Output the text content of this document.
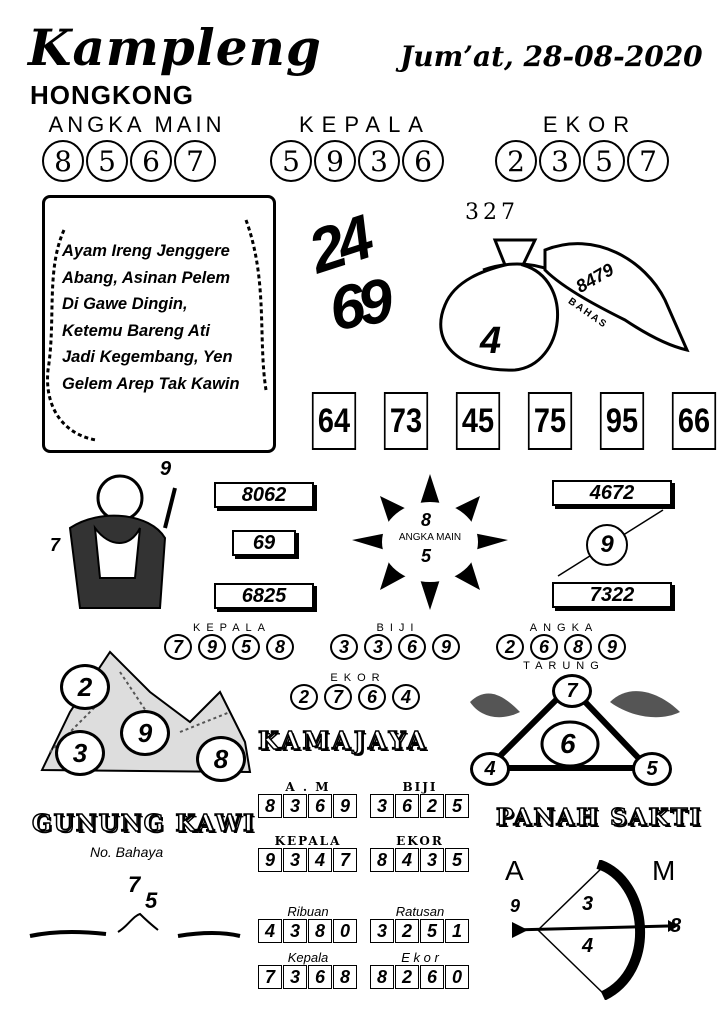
Kampleng
HONGKONG
Jum’at, 28-08-2020
ANGKA MAIN
8 5 6 7
KEPALA
5 9 3 6
EKOR
2 3 5 7
Ayam Ireng Jenggere
Abang, Asinan Pelem
Di Gawe Dingin,
Ketemu Bareng Ati
Jadi Kegembang, Yen
Gelem Arep Tak Kawin
24
69
327
4
8479
BAHAS
64 73 45 75 95 66
9
7
8062
69
6825
8
ANGKA MAIN
5
4672
9
7322
KEPALA
7	9	5	8
BIJI
3	3	6	9
ANGKA
2	6	8	9
TARUNG
EKOR
2	7	6	4
2
9
3	8
KAMAJAYA
7
6
4	5
GUNUNG KAWI
No. Bahaya
7
5
A . M
8 3 6 9
BIJI
3 6 2 5
KEPALA
9 3 4 7
EKOR
8 4 3 5
Ribuan
4 3 8 0
Ratusan
3 2 5 1
Kepala
7 3 6 8
E k o r
8 2 6 0
PANAH SAKTI
A	M
9	3
4
8
